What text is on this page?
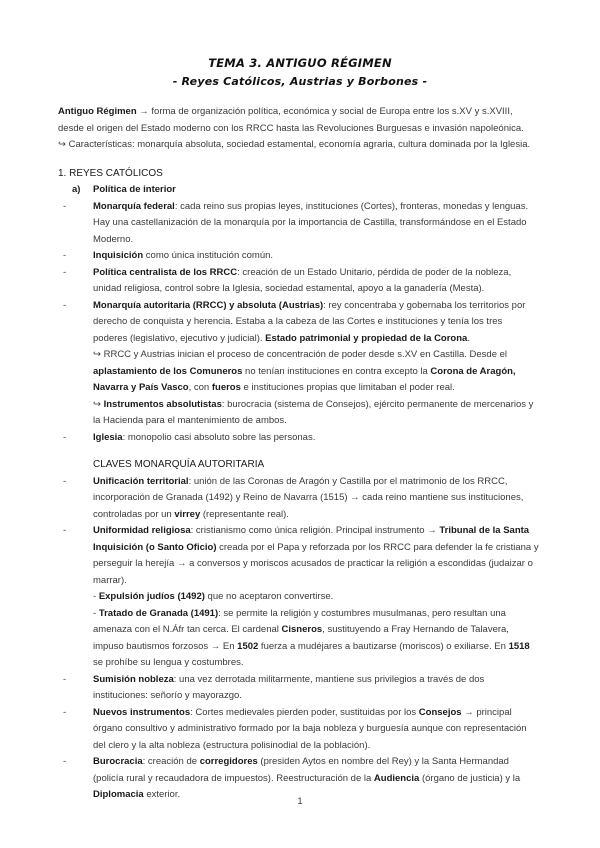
TEMA 3. ANTIGUO RÉGIMEN
- Reyes Católicos, Austrias y Borbones -
Antiguo Régimen → forma de organización política, económica y social de Europa entre los s.XV y s.XVIII,
desde el origen del Estado moderno con los RRCC hasta las Revoluciones Burguesas e invasión napoleónica.
↪ Características: monarquía absoluta, sociedad estamental, economía agraria, cultura dominada por la Iglesia.
1. REYES CATÓLICOS
a)	Política de interior
-	Monarquía federal: cada reino sus propias leyes, instituciones (Cortes), fronteras, monedas y lenguas.
Hay una castellanización de la monarquía por la importancia de Castilla, transformándose en el Estado
Moderno.
-	Inquisición como única institución común.
-	Política centralista de los RRCC: creación de un Estado Unitario, pérdida de poder de la nobleza,
unidad religiosa, control sobre la Iglesia, sociedad estamental, apoyo a la ganadería (Mesta).
-	Monarquía autoritaria (RRCC) y absoluta (Austrias): rey concentraba y gobernaba los territorios por
derecho de conquista y herencia. Estaba a la cabeza de las Cortes e instituciones y tenía los tres
poderes (legislativo, ejecutivo y judicial). Estado patrimonial y propiedad de la Corona.
↪ RRCC y Austrias inician el proceso de concentración de poder desde s.XV en Castilla. Desde el
aplastamiento de los Comuneros no tenían instituciones en contra excepto la Corona de Aragón,
Navarra y País Vasco, con fueros e instituciones propias que limitaban el poder real.
↪ Instrumentos absolutistas: burocracia (sistema de Consejos), ejército permanente de mercenarios y
la Hacienda para el mantenimiento de ambos.
-	Iglesia: monopolio casi absoluto sobre las personas.
CLAVES MONARQUÍA AUTORITARIA
-	Unificación territorial: unión de las Coronas de Aragón y Castilla por el matrimonio de los RRCC,
incorporación de Granada (1492) y Reino de Navarra (1515) → cada reino mantiene sus instituciones,
controladas por un virrey (representante real).
-	Uniformidad religiosa: cristianismo como única religión. Principal instrumento → Tribunal de la Santa
Inquisición (o Santo Oficio) creada por el Papa y reforzada por los RRCC para defender la fe cristiana y
perseguir la herejía → a conversos y moriscos acusados de practicar la religión a escondidas (judaizar o
marrar).
- Expulsión judíos (1492) que no aceptaron convertirse.
- Tratado de Granada (1491): se permite la religión y costumbres musulmanas, pero resultan una
amenaza con el N.Áfr tan cerca. El cardenal Cisneros, sustituyendo a Fray Hernando de Talavera,
impuso bautismos forzosos → En 1502 fuerza a mudéjares a bautizarse (moriscos) o exiliarse. En 1518
se prohíbe su lengua y costumbres.
-	Sumisión nobleza: una vez derrotada militarmente, mantiene sus privilegios a través de dos
instituciones: señorío y mayorazgo.
-	Nuevos instrumentos: Cortes medievales pierden poder, sustituidas por los Consejos → principal
órgano consultivo y administrativo formado por la baja nobleza y burguesía aunque con representación
del clero y la alta nobleza (estructura polisinodial de la población).
-	Burocracia: creación de corregidores (presiden Aytos en nombre del Rey) y la Santa Hermandad
(policía rural y recaudadora de impuestos). Reestructuración de la Audiencia (órgano de justicia) y la
Diplomacia exterior.
1
